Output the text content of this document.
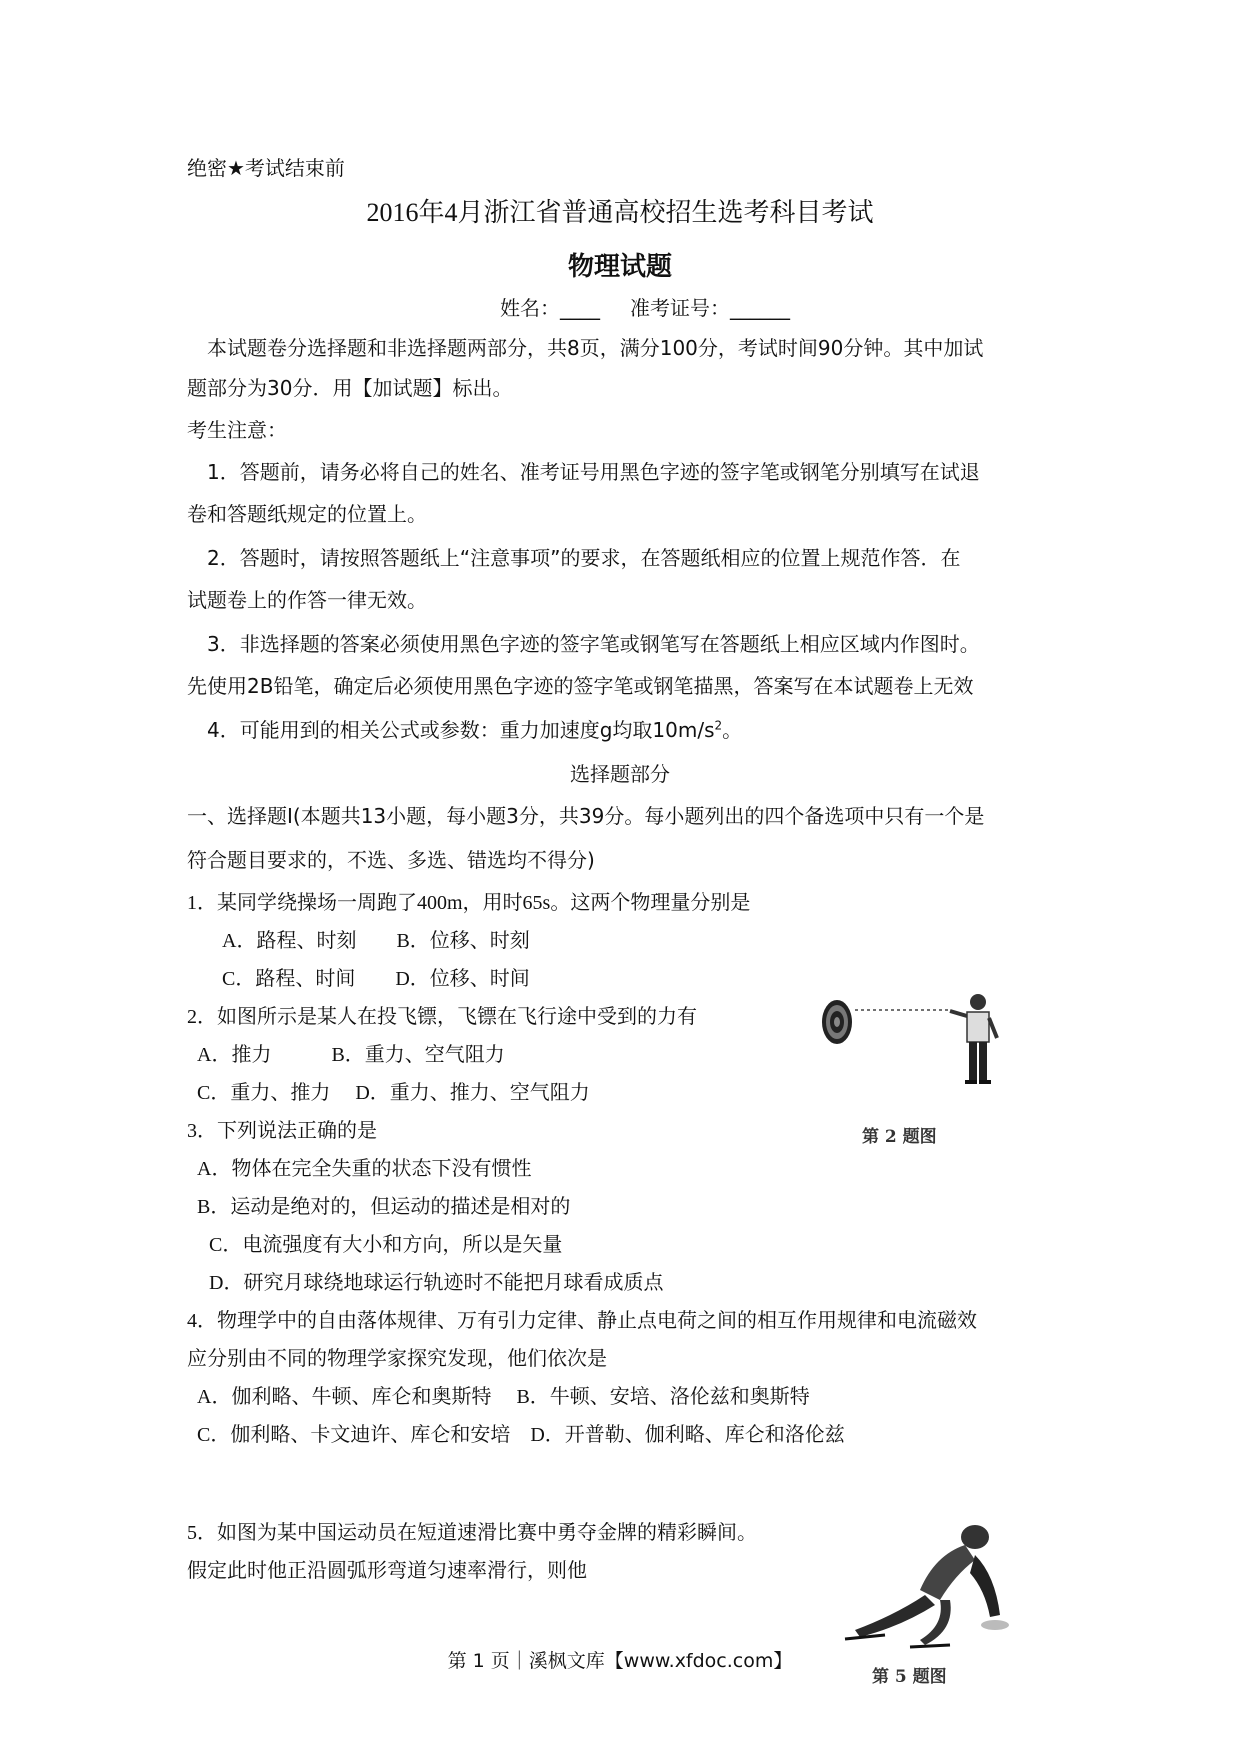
绝密★考试结束前
2016年4月浙江省普通高校招生选考科目考试
物理试题
姓名：____ 准考证号：______
本试题卷分选择题和非选择题两部分，共8页，满分100分，考试时间90分钟。其中加试
题部分为30分．用【加试题】标出。
考生注意：
1．答题前，请务必将自己的姓名、准考证号用黑色字迹的签字笔或钢笔分别填写在试退
卷和答题纸规定的位置上。
2．答题时，请按照答题纸上“注意事项”的要求，在答题纸相应的位置上规范作答．在
试题卷上的作答一律无效。
3．非选择题的答案必须使用黑色字迹的签字笔或钢笔写在答题纸上相应区域内作图时。
先使用2B铅笔，确定后必须使用黑色字迹的签字笔或钢笔描黑，答案写在本试题卷上无效
4．可能用到的相关公式或参数：重力加速度g均取$10m/s^2$。
选择题部分
一、选择题I(本题共13小题，每小题3分，共39分。每小题列出的四个备选项中只有一个是
符合题目要求的，不选、多选、错选均不得分)
1．某同学绕操场一周跑了400m，用时65s。这两个物理量分别是
A．路程、时刻　　B．位移、时刻
C．路程、时间　　D．位移、时间
2．如图所示是某人在投飞镖，飞镖在飞行途中受到的力有
A．推力　　　B．重力、空气阻力
C．重力、推力　 D．重力、推力、空气阻力
第 2 题图
3．下列说法正确的是
A．物体在完全失重的状态下没有惯性
B．运动是绝对的，但运动的描述是相对的
C．电流强度有大小和方向，所以是矢量
D．研究月球绕地球运行轨迹时不能把月球看成质点
4．物理学中的自由落体规律、万有引力定律、静止点电荷之间的相互作用规律和电流磁效
应分别由不同的物理学家探究发现，他们依次是
A．伽利略、牛顿、库仑和奥斯特　 B．牛顿、安培、洛伦兹和奥斯特
C．伽利略、卡文迪许、库仑和安培　D．开普勒、伽利略、库仑和洛伦兹
5．如图为某中国运动员在短道速滑比赛中勇夺金牌的精彩瞬间。
假定此时他正沿圆弧形弯道匀速率滑行，则他
第 5 题图
第 1 页｜溪枫文库【www.xfdoc.com】
